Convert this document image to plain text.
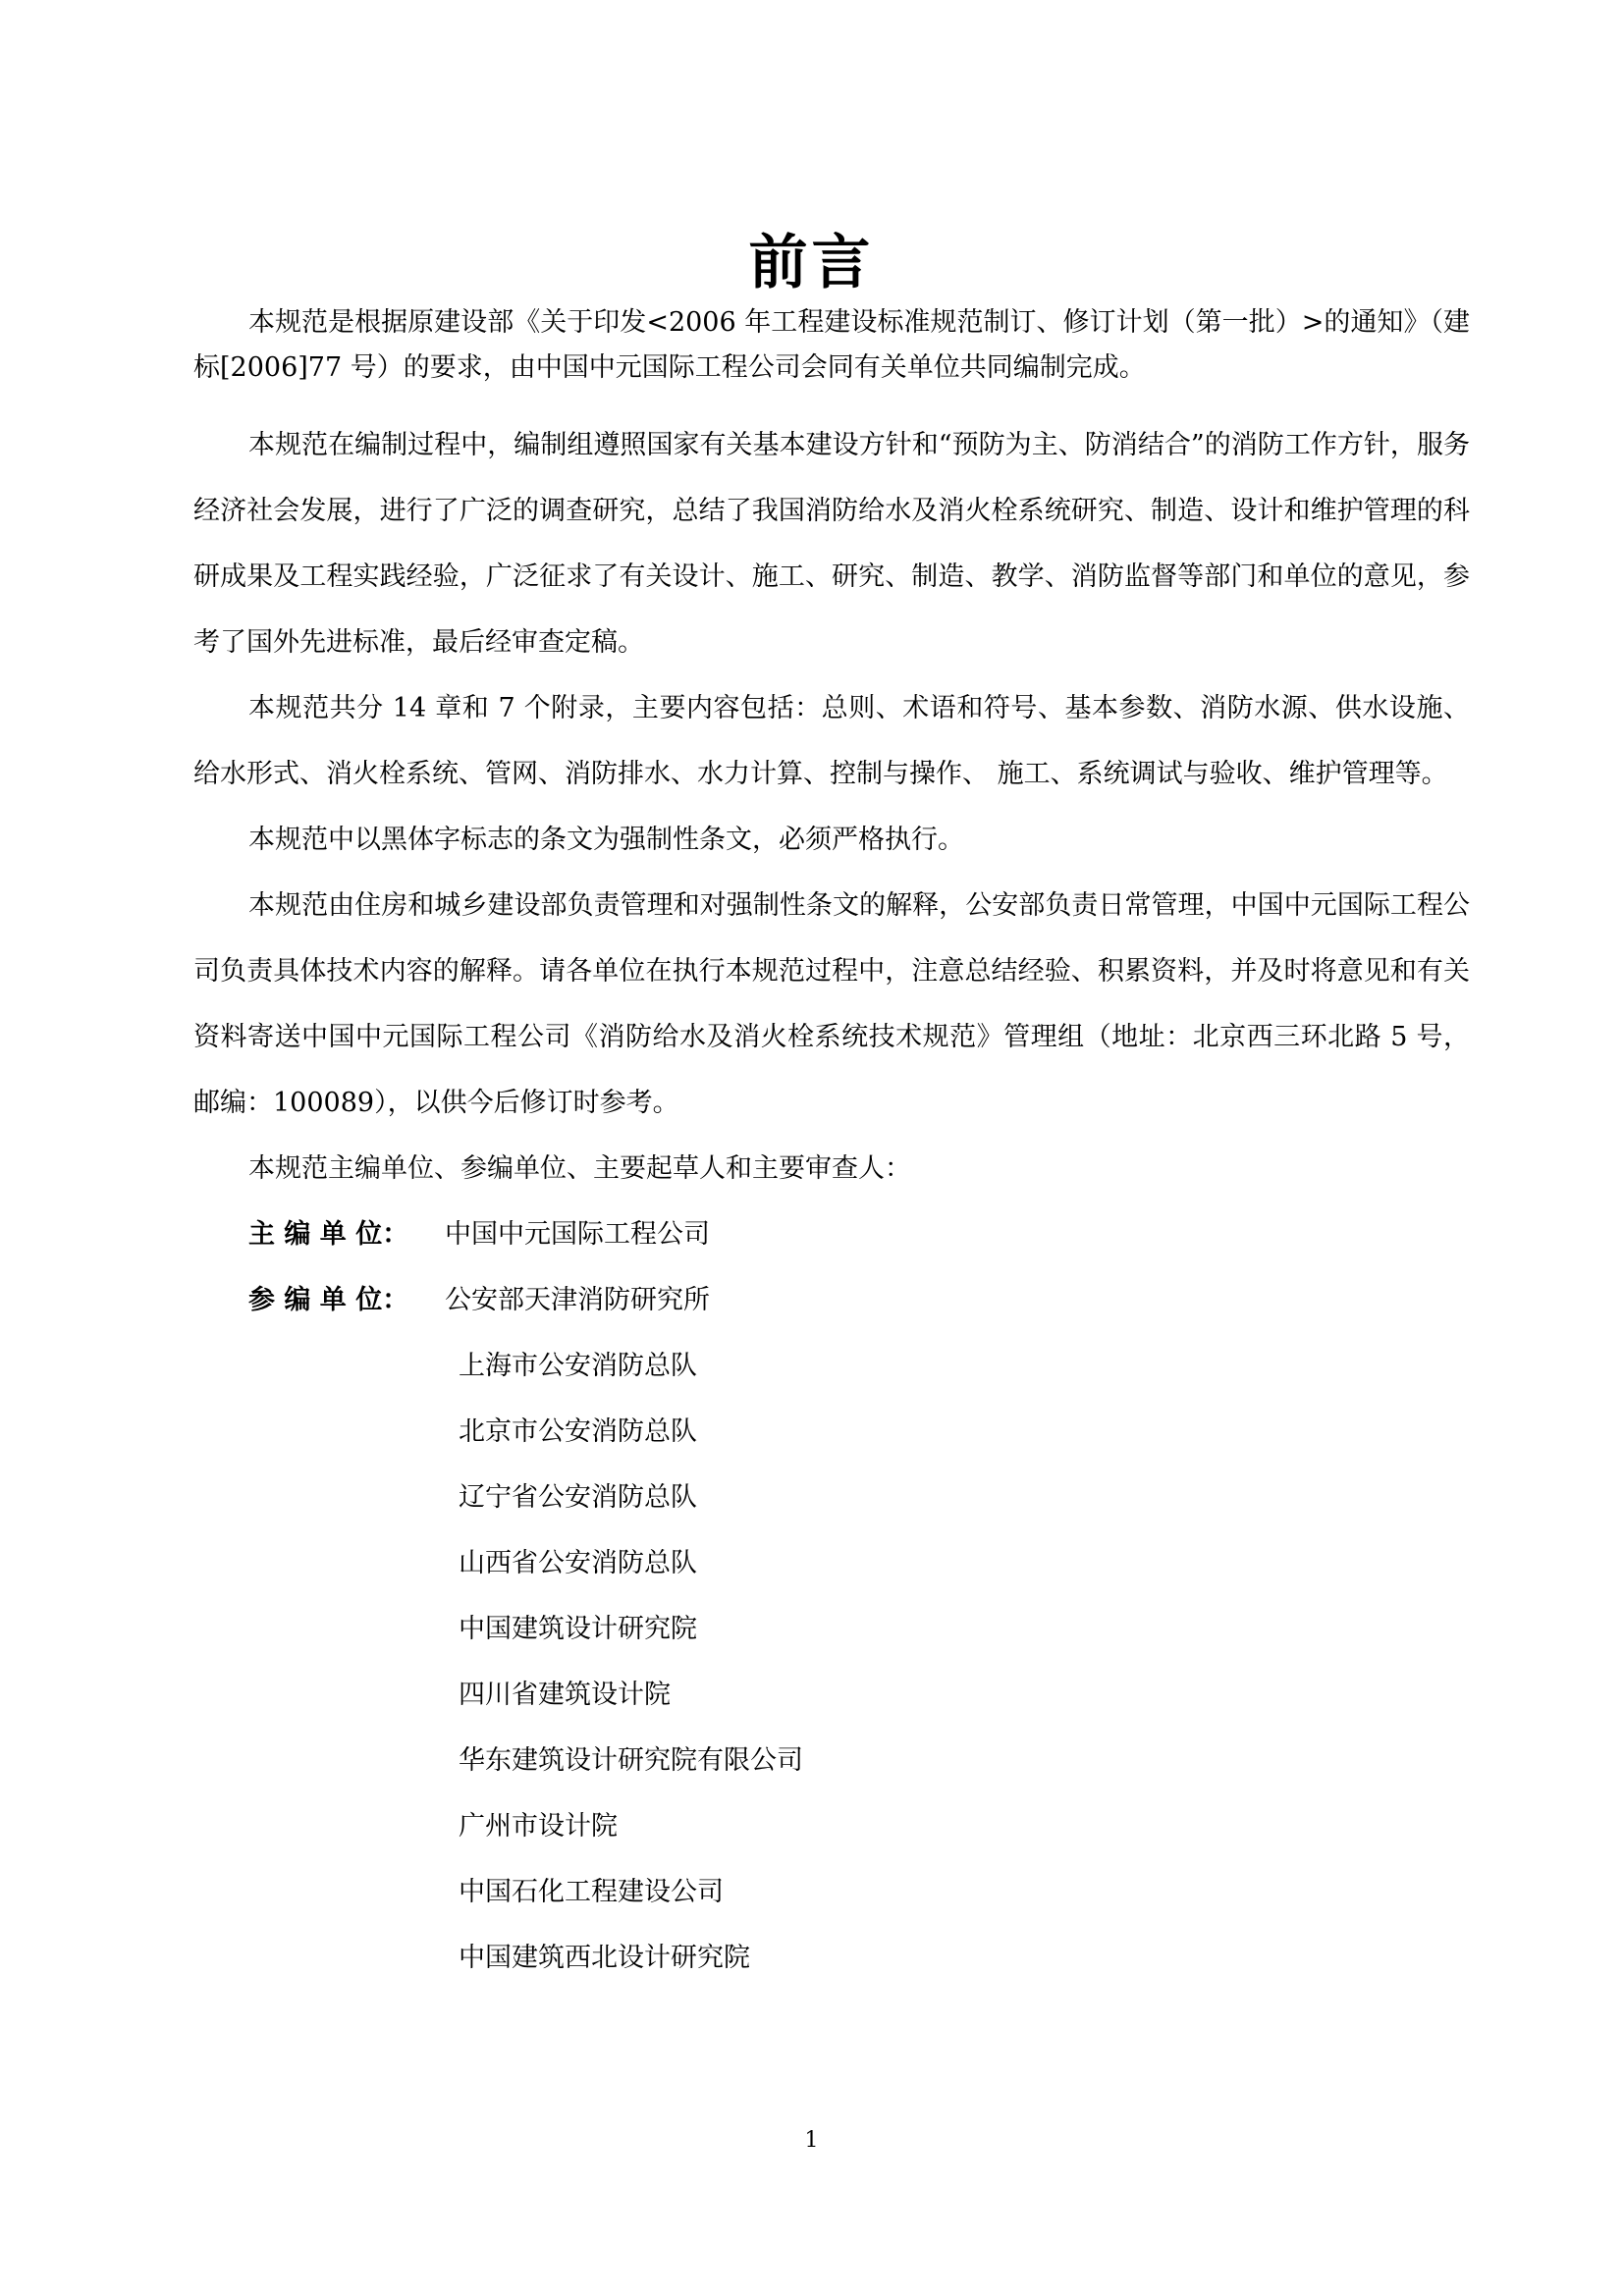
前言

本规范是根据原建设部《关于印发<2006 年工程建设标准规范制订、修订计划（第一批）>的通知》（建标[2006]77 号）的要求，由中国中元国际工程公司会同有关单位共同编制完成。

本规范在编制过程中，编制组遵照国家有关基本建设方针和“预防为主、防消结合”的消防工作方针，服务经济社会发展，进行了广泛的调查研究，总结了我国消防给水及消火栓系统研究、制造、设计和维护管理的科研成果及工程实践经验，广泛征求了有关设计、施工、研究、制造、教学、消防监督等部门和单位的意见，参考了国外先进标准，最后经审查定稿。

本规范共分 14 章和 7 个附录，主要内容包括：总则、术语和符号、基本参数、消防水源、供水设施、给水形式、消火栓系统、管网、消防排水、水力计算、控制与操作、 施工、系统调试与验收、维护管理等。

本规范中以黑体字标志的条文为强制性条文，必须严格执行。

本规范由住房和城乡建设部负责管理和对强制性条文的解释，公安部负责日常管理，中国中元国际工程公司负责具体技术内容的解释。请各单位在执行本规范过程中，注意总结经验、积累资料，并及时将意见和有关资料寄送中国中元国际工程公司《消防给水及消火栓系统技术规范》管理组（地址：北京西三环北路 5 号，邮编：100089），以供今后修订时参考。

本规范主编单位、参编单位、主要起草人和主要审查人：

主 编 单 位：	中国中元国际工程公司
参 编 单 位：	公安部天津消防研究所
上海市公安消防总队
北京市公安消防总队
辽宁省公安消防总队
山西省公安消防总队
中国建筑设计研究院
四川省建筑设计院
华东建筑设计研究院有限公司
广州市设计院
中国石化工程建设公司
中国建筑西北设计研究院
1
